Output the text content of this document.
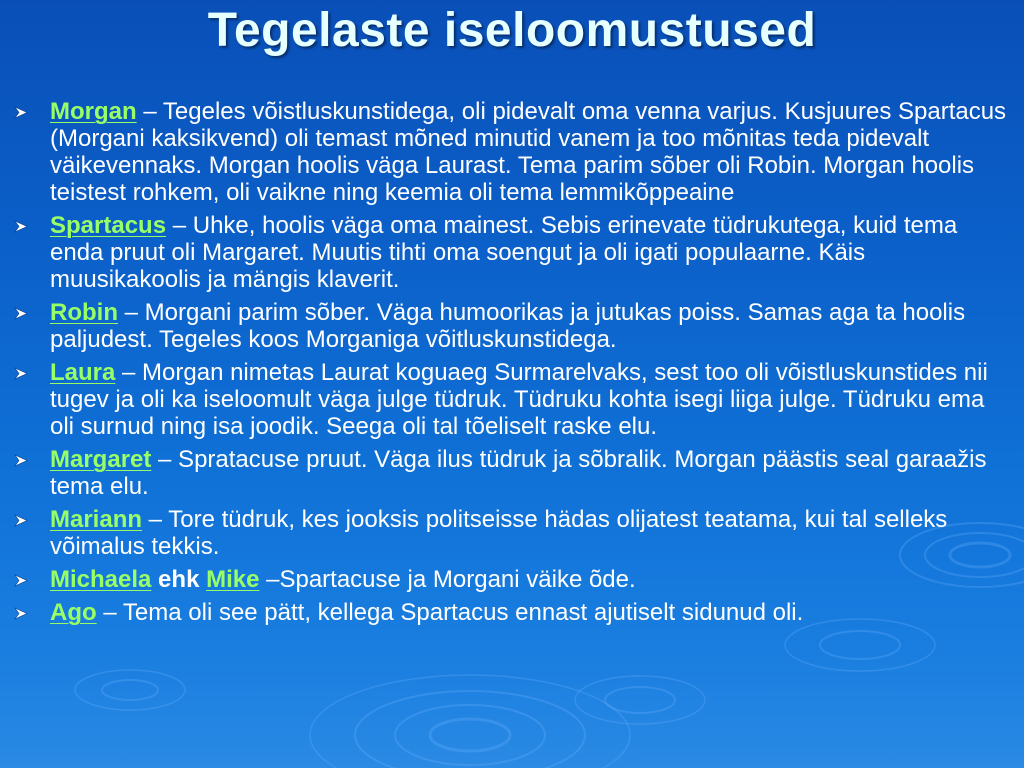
Tegelaste iseloomustused
Morgan – Tegeles võistluskunstidega, oli pidevalt oma venna varjus. Kusjuures Spartacus (Morgani kaksikvend) oli temast mõned minutid vanem ja too mõnitas teda pidevalt väikevennaks. Morgan hoolis väga Laurast. Tema parim sõber oli Robin. Morgan hoolis teistest rohkem, oli vaikne ning keemia oli tema lemmikõppeaine
Spartacus – Uhke, hoolis väga oma mainest. Sebis erinevate tüdrukutega, kuid tema enda pruut oli Margaret. Muutis tihti oma soengut ja oli igati populaarne. Käis muusikakoolis ja mängis klaverit.
Robin – Morgani parim sõber. Väga humoorikas ja jutukas poiss. Samas aga ta hoolis paljudest. Tegeles koos Morganiga võitluskunstidega.
Laura – Morgan nimetas Laurat koguaeg Surmarelvaks, sest too oli võistluskunstides nii tugev ja oli ka iseloomult väga julge tüdruk. Tüdruku kohta isegi liiga julge. Tüdruku ema oli surnud ning isa joodik. Seega oli tal tõeliselt raske elu.
Margaret – Spratacuse pruut. Väga ilus tüdruk ja sõbralik. Morgan päästis seal garaažis tema elu.
Mariann – Tore tüdruk, kes jooksis politseisse hädas olijatest teatama, kui tal selleks võimalus tekkis.
Michaela ehk Mike –Spartacuse ja Morgani väike õde.
Ago – Tema oli see pätt, kellega Spartacus ennast ajutiselt sidunud oli.
